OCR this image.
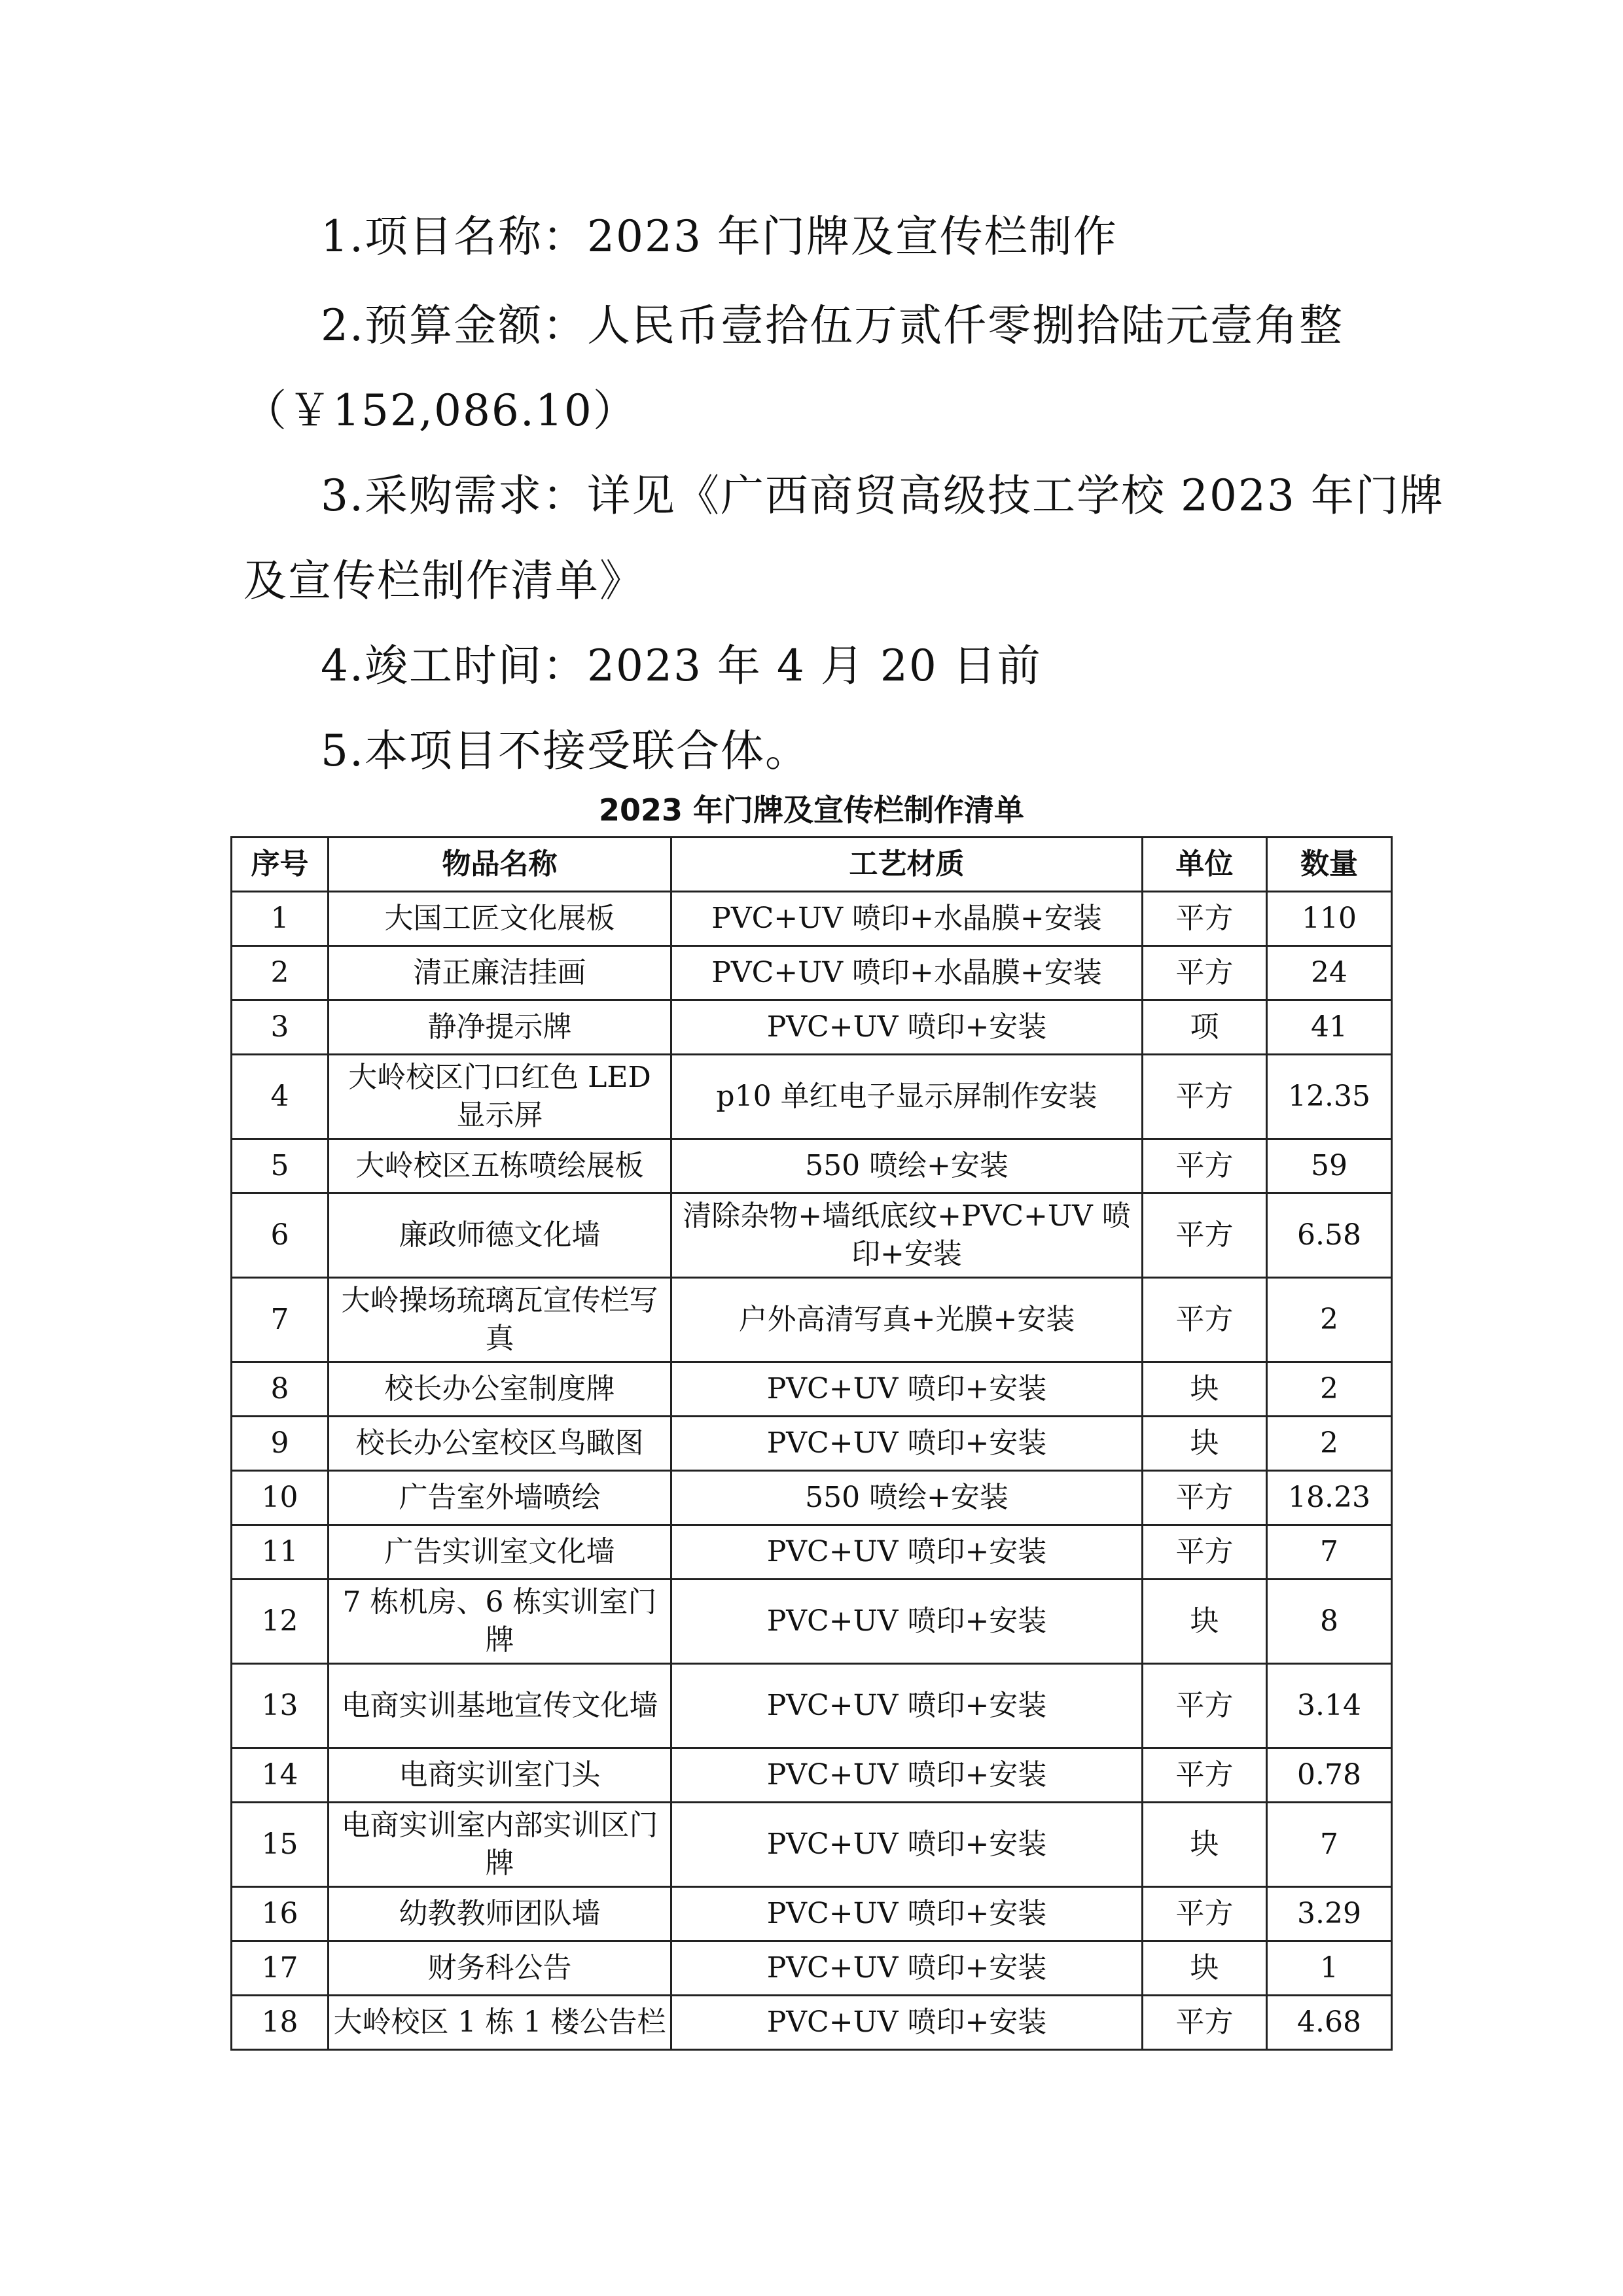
1.项目名称：2023 年门牌及宣传栏制作
2.预算金额：人民币壹拾伍万贰仟零捌拾陆元壹角整
（￥152,086.10）
3.采购需求：详见《广西商贸高级技工学校 2023 年门牌
及宣传栏制作清单》
4.竣工时间：2023 年 4 月 20 日前
5.本项目不接受联合体。
2023 年门牌及宣传栏制作清单
序号	物品名称	工艺材质	单位	数量
1	大国工匠文化展板	PVC+UV 喷印+水晶膜+安装	平方	110
2	清正廉洁挂画	PVC+UV 喷印+水晶膜+安装	平方	24
3	静净提示牌	PVC+UV 喷印+安装	项	41
4	大岭校区门口红色 LED 显示屏	p10 单红电子显示屏制作安装	平方	12.35
5	大岭校区五栋喷绘展板	550 喷绘+安装	平方	59
6	廉政师德文化墙	清除杂物+墙纸底纹+PVC+UV 喷印+安装	平方	6.58
7	大岭操场琉璃瓦宣传栏写真	户外高清写真+光膜+安装	平方	2
8	校长办公室制度牌	PVC+UV 喷印+安装	块	2
9	校长办公室校区鸟瞰图	PVC+UV 喷印+安装	块	2
10	广告室外墙喷绘	550 喷绘+安装	平方	18.23
11	广告实训室文化墙	PVC+UV 喷印+安装	平方	7
12	7 栋机房、6 栋实训室门牌	PVC+UV 喷印+安装	块	8
13	电商实训基地宣传文化墙	PVC+UV 喷印+安装	平方	3.14
14	电商实训室门头	PVC+UV 喷印+安装	平方	0.78
15	电商实训室内部实训区门牌	PVC+UV 喷印+安装	块	7
16	幼教教师团队墙	PVC+UV 喷印+安装	平方	3.29
17	财务科公告	PVC+UV 喷印+安装	块	1
18	大岭校区 1 栋 1 楼公告栏	PVC+UV 喷印+安装	平方	4.68
